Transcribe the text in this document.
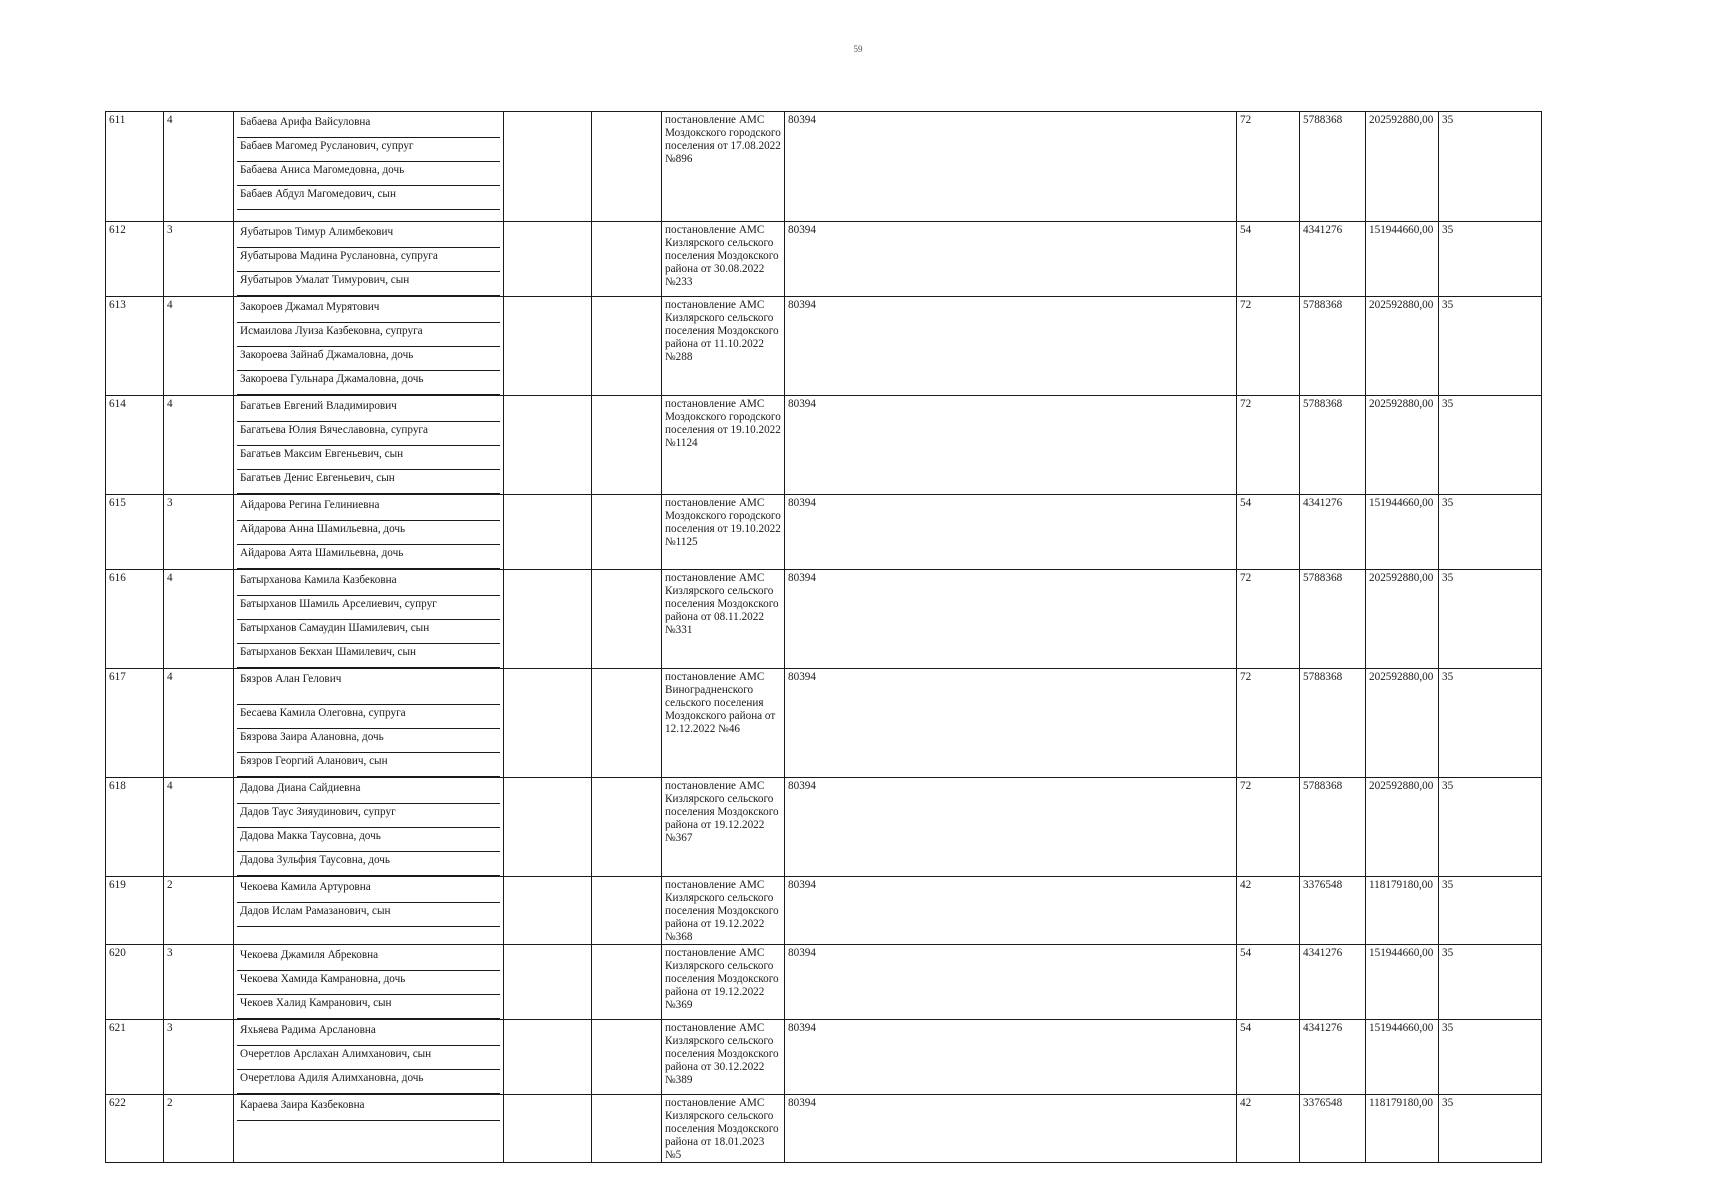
59
611	4	Бабаева Арифа Вайсуловна
Бабаев Магомед Русланович, супруг
Бабаева Аниса Магомедовна, дочь
Бабаев Абдул Магомедович, сын			постановление АМС Моздокского городского поселения от 17.08.2022 №896	80394	72	5788368	202592880,00	35
612	3	Яубатыров Тимур Алимбекович
Яубатырова Мадина Руслановна, супруга
Яубатыров Умалат Тимурович, сын			постановление АМС Кизлярского сельского поселения Моздокского района от 30.08.2022 №233	80394	54	4341276	151944660,00	35
613	4	Закороев Джамал Мурятович
Исмаилова Луиза Казбековна, супруга
Закороева Зайнаб Джамаловна, дочь
Закороева Гульнара Джамаловна, дочь			постановление АМС Кизлярского сельского поселения Моздокского района от 11.10.2022 №288	80394	72	5788368	202592880,00	35
614	4	Багатьев Евгений Владимирович
Багатьева Юлия Вячеславовна, супруга
Багатьев Максим Евгеньевич, сын
Багатьев Денис Евгеньевич, сын			постановление АМС Моздокского городского поселения от 19.10.2022 №1124	80394	72	5788368	202592880,00	35
615	3	Айдарова Регина Гелиниевна
Айдарова Анна Шамильевна, дочь
Айдарова Аята Шамильевна, дочь			постановление АМС Моздокского городского поселения от 19.10.2022 №1125	80394	54	4341276	151944660,00	35
616	4	Батырханова Камила Казбековна
Батырханов Шамиль Арселиевич, супруг
Батырханов Самаудин Шамилевич, сын
Батырханов Бекхан Шамилевич, сын			постановление АМС Кизлярского сельского поселения Моздокского района от 08.11.2022 №331	80394	72	5788368	202592880,00	35
617	4	Бязров Алан Гелович
Бесаева Камила Олеговна, супруга
Бязрова Заира Алановна, дочь
Бязров Георгий Аланович, сын			постановление АМС Виноградненского сельского поселения Моздокского района от 12.12.2022 №46	80394	72	5788368	202592880,00	35
618	4	Дадова Диана Сайдиевна
Дадов Таус Зияудинович, супруг
Дадова Макка Таусовна, дочь
Дадова Зульфия Таусовна, дочь			постановление АМС Кизлярского сельского поселения Моздокского района от 19.12.2022 №367	80394	72	5788368	202592880,00	35
619	2	Чекоева Камила Артуровна
Дадов Ислам Рамазанович, сын			постановление АМС Кизлярского сельского поселения Моздокского района от 19.12.2022 №368	80394	42	3376548	118179180,00	35
620	3	Чекоева Джамиля Абрековна
Чекоева Хамида Камрановна, дочь
Чекоев Халид Камранович, сын			постановление АМС Кизлярского сельского поселения Моздокского района от 19.12.2022 №369	80394	54	4341276	151944660,00	35
621	3	Яхьяева Радима Арслановна
Очеретлов Арслахан Алимханович, сын
Очеретлова Адиля Алимхановна, дочь			постановление АМС Кизлярского сельского поселения Моздокского района от 30.12.2022 №389	80394	54	4341276	151944660,00	35
622	2	Караева Заира Казбековна			постановление АМС Кизлярского сельского поселения Моздокского района от 18.01.2023 №5	80394	42	3376548	118179180,00	35
